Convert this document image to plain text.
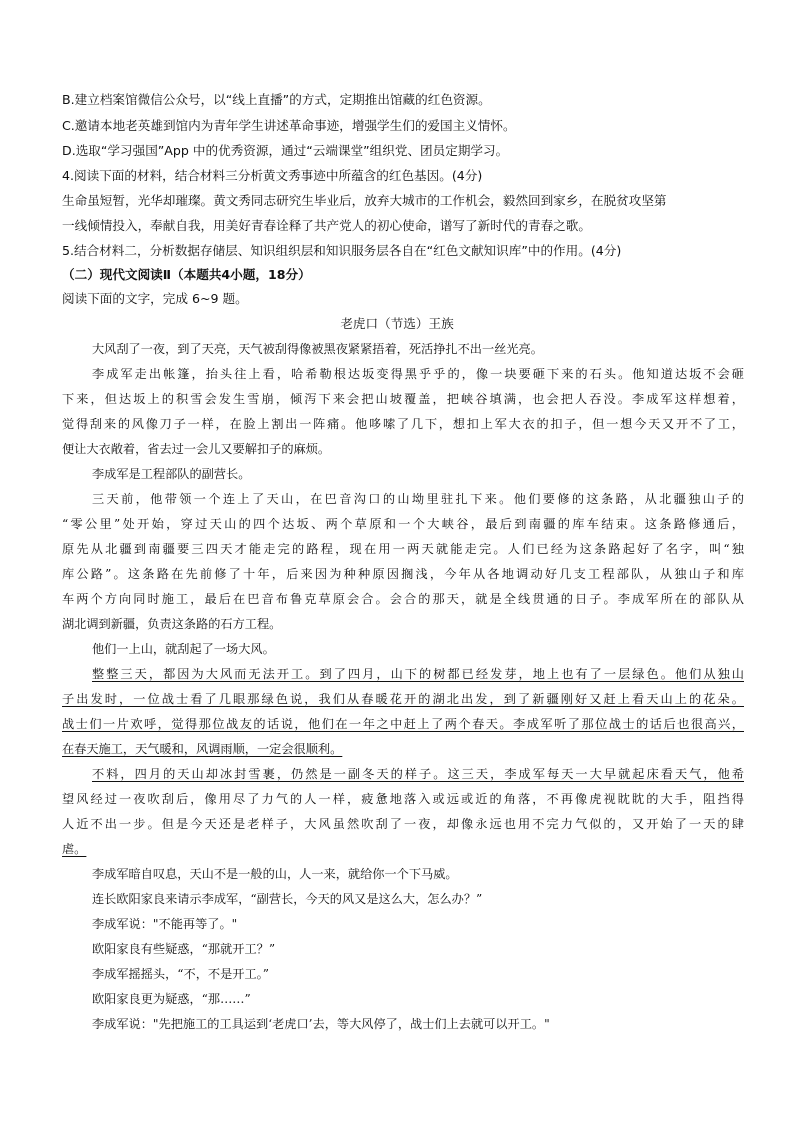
B.建立档案馆微信公众号，以“线上直播”的方式，定期推出馆藏的红色资源。
C.邀请本地老英雄到馆内为青年学生讲述革命事迹，增强学生们的爱国主义情怀。
D.选取“学习强国”App 中的优秀资源，通过“云端课堂”组织党、团员定期学习。
4.阅读下面的材料，结合材料三分析黄文秀事迹中所蕴含的红色基因。(4分)
生命虽短暂，光华却璀璨。黄文秀同志研究生毕业后，放弃大城市的工作机会，毅然回到家乡，在脱贫攻坚第
一线倾情投入，奉献自我，用美好青春诠释了共产党人的初心使命，谱写了新时代的青春之歌。
5.结合材料二，分析数据存储层、知识组织层和知识服务层各自在“红色文献知识库”中的作用。(4分)
（二）现代文阅读Ⅱ（本题共4小题，18分）
阅读下面的文字，完成 6~9 题。
老虎口（节选）王族
大风刮了一夜，到了天亮，天气被刮得像被黑夜紧紧捂着，死活挣扎不出一丝光亮。
李成军走出帐篷，抬头往上看，哈希勒根达坂变得黑乎乎的，像一块要砸下来的石头。他知道达坂不会砸
下来，但达坂上的积雪会发生雪崩，倾泻下来会把山坡覆盖，把峡谷填满，也会把人吞没。李成军这样想着，
觉得刮来的风像刀子一样，在脸上割出一阵痛。他哆嗦了几下，想扣上军大衣的扣子，但一想今天又开不了工，
便让大衣敞着，省去过一会儿又要解扣子的麻烦。
李成军是工程部队的副营长。
三天前，他带领一个连上了天山，在巴音沟口的山坳里驻扎下来。他们要修的这条路，从北疆独山子的
“零公里”处开始，穿过天山的四个达坂、两个草原和一个大峡谷，最后到南疆的库车结束。这条路修通后，
原先从北疆到南疆要三四天才能走完的路程，现在用一两天就能走完。人们已经为这条路起好了名字，叫“独
库公路”。这条路在先前修了十年，后来因为种种原因搁浅，今年从各地调动好几支工程部队，从独山子和库
车两个方向同时施工，最后在巴音布鲁克草原会合。会合的那天，就是全线贯通的日子。李成军所在的部队从
湖北调到新疆，负责这条路的石方工程。
他们一上山，就刮起了一场大风。
整整三天，都因为大风而无法开工。到了四月，山下的树都已经发芽，地上也有了一层绿色。他们从独山
子出发时，一位战士看了几眼那绿色说，我们从春暖花开的湖北出发，到了新疆刚好又赶上看天山上的花朵。
战士们一片欢呼，觉得那位战友的话说，他们在一年之中赶上了两个春天。李成军听了那位战士的话后也很高兴，
在春天施工，天气暖和，风调雨顺，一定会很顺利。
不料，四月的天山却冰封雪裹，仍然是一副冬天的样子。这三天，李成军每天一大早就起床看天气，他希
望风经过一夜吹刮后，像用尽了力气的人一样，疲惫地落入或远或近的角落，不再像虎视眈眈的大手，阻挡得
人近不出一步。但是今天还是老样子，大风虽然吹刮了一夜，却像永远也用不完力气似的，又开始了一天的肆
虐。
李成军暗自叹息，天山不是一般的山，人一来，就给你一个下马威。
连长欧阳家良来请示李成军，“副营长，今天的风又是这么大，怎么办？”
李成军说："不能再等了。"
欧阳家良有些疑惑，“那就开工？”
李成军摇摇头，“不，不是开工。”
欧阳家良更为疑惑，“那……”
李成军说："先把施工的工具运到‘老虎口’去，等大风停了，战士们上去就可以开工。"
